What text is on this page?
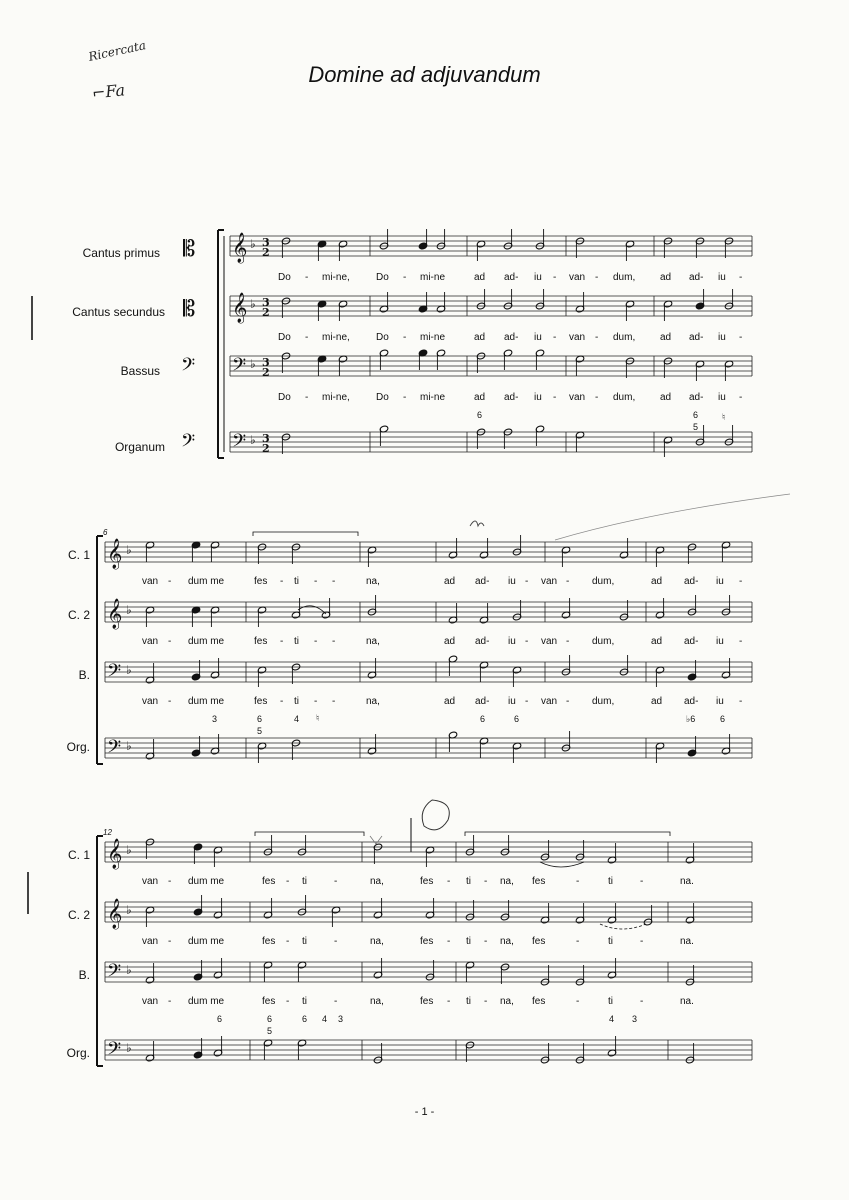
Ricercata
⌐Fa
Domine ad adjuvandum
Cantus primus
Cantus secundus
Bassus
Organum
Do - mi-ne,	Do - mi-ne	ad ad- iu - van - dum, ad ad- iu -
Do - mi-ne,	Do - mi-ne	ad ad- iu - van - dum, ad ad- iu -
Do - mi-ne,	Do - mi-ne	ad ad- iu - van - dum, ad ad- iu -
6	6
5
♮
6
C. 1
C. 2
B.
Org.
van - dum me	fes - ti - -	na,	ad ad- iu - van - dum,	ad ad- iu -
van - dum me	fes - ti - -	na,	ad ad- iu - van - dum,	ad ad- iu -
van - dum me	fes - ti - -	na,	ad ad- iu - van - dum,	ad ad- iu -
3	6
5
4 ♮	6	6	♭6	6
12
C. 1
C. 2
B.
Org.
van - dum me	fes - ti	-	na,	fes - ti - na, fes	-	ti	-	na.
van - dum me	fes - ti	-	na,	fes - ti - na, fes	-	ti	-	na.
van - dum me	fes - ti	-	na,	fes - ti - na, fes	-	ti	-	na.
6	6
5
6 4 3	4 3
𝄞
𝄡	♭ 3
2
𝄞
𝄡	♭ 3
2
𝄢
𝄢	♭ 3
2
𝄢
𝄢	♭ 3
2
𝄞 ♭
𝄞 ♭
𝄢 ♭
𝄢 ♭
𝄞 ♭
𝄞 ♭
𝄢 ♭
𝄢 ♭
- 1 -
